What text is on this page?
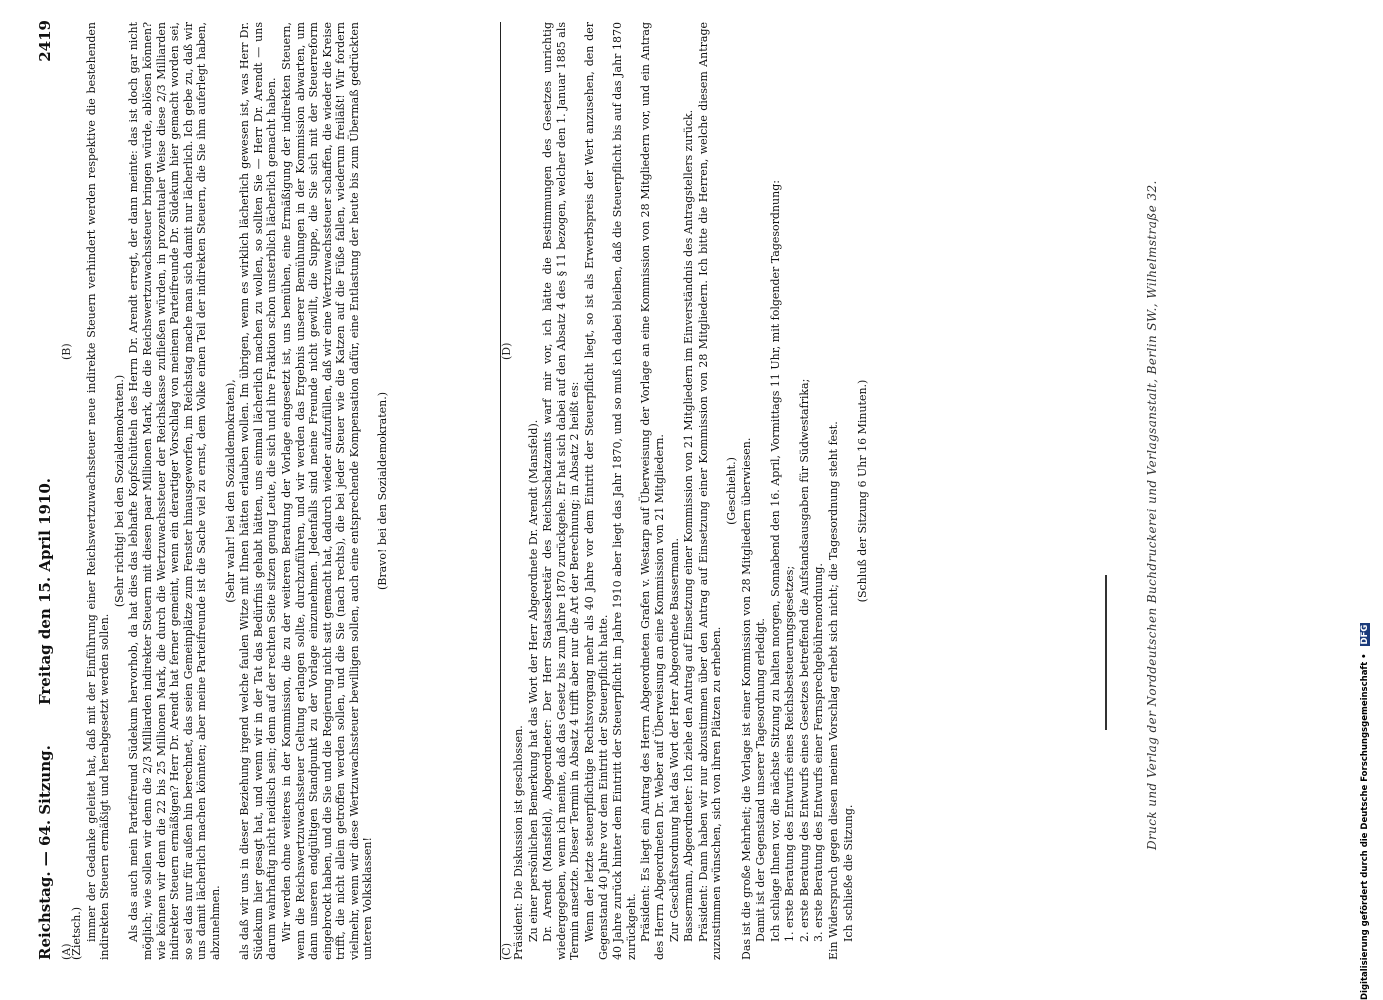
Reichstag. — 64. Sitzung.
Freitag den 15. April 1910.
2419
(A)
(B)

(Zietsch.) immer der Gedanke geleitet hat, daß mit der Einführung einer Reichswertzuwachssteuer neue indirekte Steuern verhindert werden respektive die bestehenden indirekten Steuern ermäßigt und herabgesetzt werden sollen.

(Sehr richtig! bei den Sozialdemokraten.) Als das auch mein Parteifreund Südekum hervorhob, da hat dies das lebhafte Kopfschütteln des Herrn Dr. Arendt erregt, der dann meinte: das ist doch gar nicht möglich; wie sollen wir denn die 2/3 Milliarden indirekter Steuern mit diesen paar Millionen Mark, die die Reichswertzuwachssteuer bringen würde, ablösen können? wie können wir denn die 22 bis 25 Millionen Mark, die durch die Wertzuwachssteuer der Reichskasse zufließen würden, in prozentualer Weise diese 2/3 Milliarden indirekter Steuern ermäßigen? Herr Dr. Arendt hat ferner gemeint, wenn ein derartiger Vorschlag von meinem Parteifreunde Dr. Südekum hier gemacht worden sei, so sei das nur für außen hin berechnet, das seien Gemeinplätze zum Fenster hinausgeworfen, im Reichstag mache man sich damit nur lächerlich. Ich gebe zu, daß wir uns damit lächerlich machen könnten; aber meine Parteifreunde ist die Sache viel zu ernst, dem Volke einen Teil der indirekten Steuern, die Sie ihm auferlegt haben, abzunehmen.

(Sehr wahr! bei den Sozialdemokraten), als daß wir uns in dieser Beziehung irgend welche faulen Witze mit Ihnen hätten erlauben wollen. Im übrigen, wenn es wirklich lächerlich gewesen ist, was Herr Dr. Südekum hier gesagt hat, und wenn wir in der Tat das Bedürfnis gehabt hätten, uns einmal lächerlich machen zu wollen, so sollten Sie — Herr Dr. Arendt — uns darum wahrhaftig nicht neidisch sein; denn auf der rechten Seite sitzen genug Leute, die sich und ihre Fraktion schon unsterblich lächerlich gemacht haben. Wir werden ohne weiteres in der Kommission, die zu der weiteren Beratung der Vorlage eingesetzt ist, uns bemühen, eine Ermäßigung der indirekten Steuern, wenn die Reichswertzuwachssteuer Geltung erlangen sollte, durchzuführen, und wir werden das Ergebnis unserer Bemühungen in der Kommission abwarten, um dann unseren endgültigen Standpunkt zu der Vorlage einzunehmen. Jedenfalls sind meine Freunde nicht gewillt, die Suppe, die Sie sich mit der Steuerreform eingebrockt haben, und die Sie und die Regierung nicht satt gemacht hat, dadurch wieder aufzufüllen, daß wir eine Wertzuwachssteuer schaffen, die wieder die Kreise trifft, die nicht allein getroffen werden sollen, und die Sie (nach rechts), die bei jeder Steuer wie die Katzen auf die Füße fallen, wiederum freiläßt! Wir fordern vielmehr, wenn wir diese Wertzuwachssteuer bewilligen sollen, auch eine entsprechende Kompensation dafür, eine Entlastung der heute bis zum Übermaß gedrückten unteren Volksklassen!

(Bravo! bei den Sozialdemokraten.)

(C)
(D)

Präsident: Die Diskussion ist geschlossen. Zu einer persönlichen Bemerkung hat das Wort der Herr Abgeordnete Dr. Arendt (Mansfeld). Dr. Arendt (Mansfeld), Abgeordneter: Der Herr Staatssekretär des Reichsschatzamts warf mir vor, ich hätte die Bestimmungen des Gesetzes unrichtig wiedergegeben, wenn ich meinte, daß das Gesetz bis zum Jahre 1870 zurückgehe. Er hat sich dabei auf den Absatz 4 des § 11 bezogen, welcher den 1. Januar 1885 als Termin ansetzte. Dieser Termin in Absatz 4 trifft aber nur die Art der Berechnung; in Absatz 2 heißt es: Wenn der letzte steuerpflichtige Rechtsvorgang mehr als 40 Jahre vor dem Eintritt der Steuerpflicht liegt, so ist als Erwerbspreis der Wert anzusehen, den der Gegenstand 40 Jahre vor dem Eintritt der Steuerpflicht hatte. 40 Jahre zurück hinter dem Eintritt der Steuerpflicht im Jahre 1910 aber liegt das Jahr 1870, und so muß ich dabei bleiben, daß die Steuerpflicht bis auf das Jahr 1870 zurückgeht. Präsident: Es liegt ein Antrag des Herrn Abgeordneten Grafen v. Westarp auf Überweisung der Vorlage an eine Kommission von 28 Mitgliedern vor, und ein Antrag des Herrn Abgeordneten Dr. Weber auf Überweisung an eine Kommission von 21 Mitgliedern. Zur Geschäftsordnung hat das Wort der Herr Abgeordnete Bassermann. Bassermann, Abgeordneter: Ich ziehe den Antrag auf Einsetzung einer Kommission von 21 Mitgliedern im Einverständnis des Antragstellers zurück. Präsident: Dann haben wir nur abzustimmen über den Antrag auf Einsetzung einer Kommission von 28 Mitgliedern. Ich bitte die Herren, welche diesem Antrage zuzustimmen wünschen, sich von ihren Plätzen zu erheben.

(Geschieht.) Das ist die große Mehrheit; die Vorlage ist einer Kommission von 28 Mitgliedern überwiesen. Damit ist der Gegenstand unserer Tagesordnung erledigt. Ich schlage Ihnen vor, die nächste Sitzung zu halten morgen, Sonnabend den 16. April, Vormittags 11 Uhr, mit folgender Tagesordnung: 1. erste Beratung des Entwurfs eines Reichsbesteuerungsgesetzes; 2. erste Beratung des Entwurfs eines Gesetzes betreffend die Aufstandsausgaben für Südwestafrika; 3. erste Beratung des Entwurfs einer Fernsprechgebührenordnung. Ein Widerspruch gegen diesen meinen Vorschlag erhebt sich nicht; die Tagesordnung steht fest. Ich schließe die Sitzung.

(Schluß der Sitzung 6 Uhr 16 Minuten.)	Druck und Verlag der Norddeutschen Buchdruckerei und Verlagsanstalt, Berlin SW., Wilhelmstraße 32.	Digitalisierung gefördert durch die Deutsche Forschungsgemeinschaft • DFG
